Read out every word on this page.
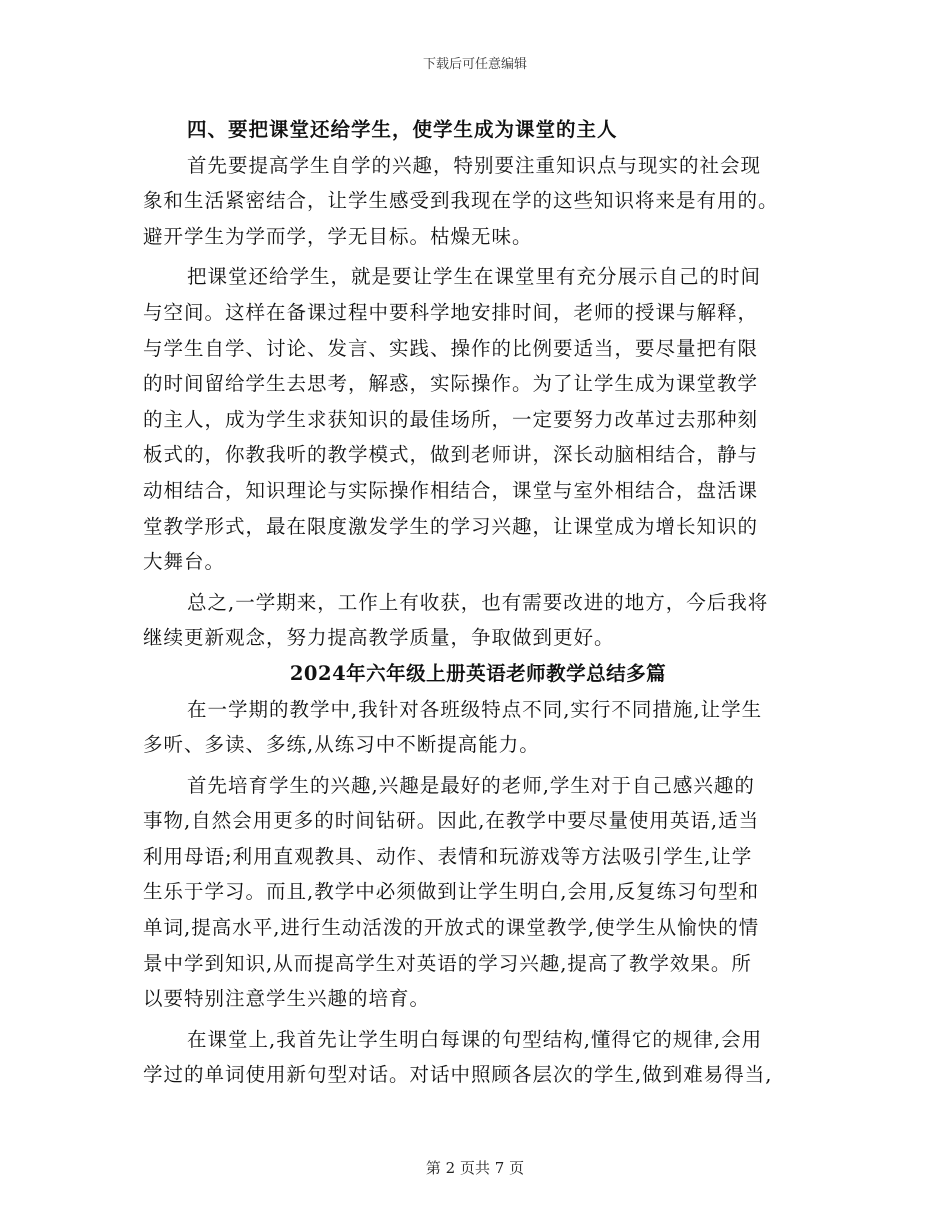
下载后可任意编辑
四、要把课堂还给学生，使学生成为课堂的主人
首先要提高学生自学的兴趣，特别要注重知识点与现实的社会现
象和生活紧密结合，让学生感受到我现在学的这些知识将来是有用的。
避开学生为学而学，学无目标。枯燥无味。
把课堂还给学生，就是要让学生在课堂里有充分展示自己的时间
与空间。这样在备课过程中要科学地安排时间，老师的授课与解释，
与学生自学、讨论、发言、实践、操作的比例要适当，要尽量把有限
的时间留给学生去思考，解惑，实际操作。为了让学生成为课堂教学
的主人，成为学生求获知识的最佳场所，一定要努力改革过去那种刻
板式的，你教我听的教学模式，做到老师讲，深长动脑相结合，静与
动相结合，知识理论与实际操作相结合，课堂与室外相结合，盘活课
堂教学形式，最在限度激发学生的学习兴趣，让课堂成为增长知识的
大舞台。
总之,一学期来，工作上有收获，也有需要改进的地方，今后我将
继续更新观念，努力提高教学质量，争取做到更好。
2024年六年级上册英语老师教学总结多篇
在一学期的教学中,我针对各班级特点不同,实行不同措施,让学生
多听、多读、多练,从练习中不断提高能力。
首先培育学生的兴趣,兴趣是最好的老师,学生对于自己感兴趣的
事物,自然会用更多的时间钻研。因此,在教学中要尽量使用英语,适当
利用母语;利用直观教具、动作、表情和玩游戏等方法吸引学生,让学
生乐于学习。而且,教学中必须做到让学生明白,会用,反复练习句型和
单词,提高水平,进行生动活泼的开放式的课堂教学,使学生从愉快的情
景中学到知识,从而提高学生对英语的学习兴趣,提高了教学效果。所
以要特别注意学生兴趣的培育。
在课堂上,我首先让学生明白每课的句型结构,懂得它的规律,会用
学过的单词使用新句型对话。对话中照顾各层次的学生,做到难易得当,
第 2 页共 7 页
